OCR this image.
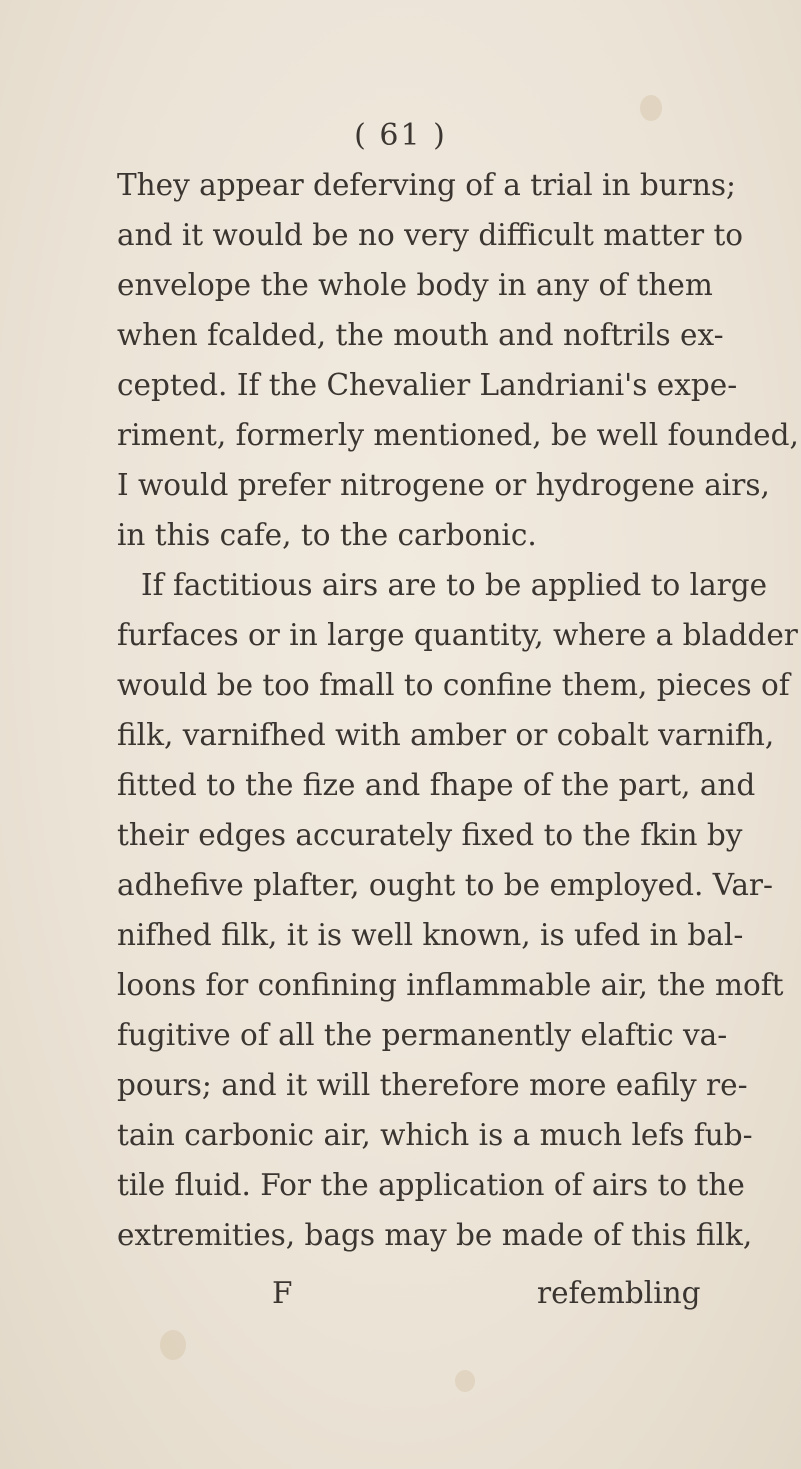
( 61 )
They appear deferving of a trial in burns;
and it would be no very difficult matter to
envelope the whole body in any of them
when fcalded, the mouth and noftrils ex-
cepted. If the Chevalier Landriani's expe-
riment, formerly mentioned, be well founded,
I would prefer nitrogene or hydrogene airs,
in this cafe, to the carbonic.
If factitious airs are to be applied to large
furfaces or in large quantity, where a bladder
would be too fmall to confine them, pieces of
filk, varnifhed with amber or cobalt varnifh,
fitted to the fize and fhape of the part, and
their edges accurately fixed to the fkin by
adhefive plafter, ought to be employed. Var-
nifhed filk, it is well known, is ufed in bal-
loons for confining inflammable air, the moft
fugitive of all the permanently elaftic va-
pours; and it will therefore more eafily re-
tain carbonic air, which is a much lefs fub-
tile fluid. For the application of airs to the
extremities, bags may be made of this filk,
F	refembling
